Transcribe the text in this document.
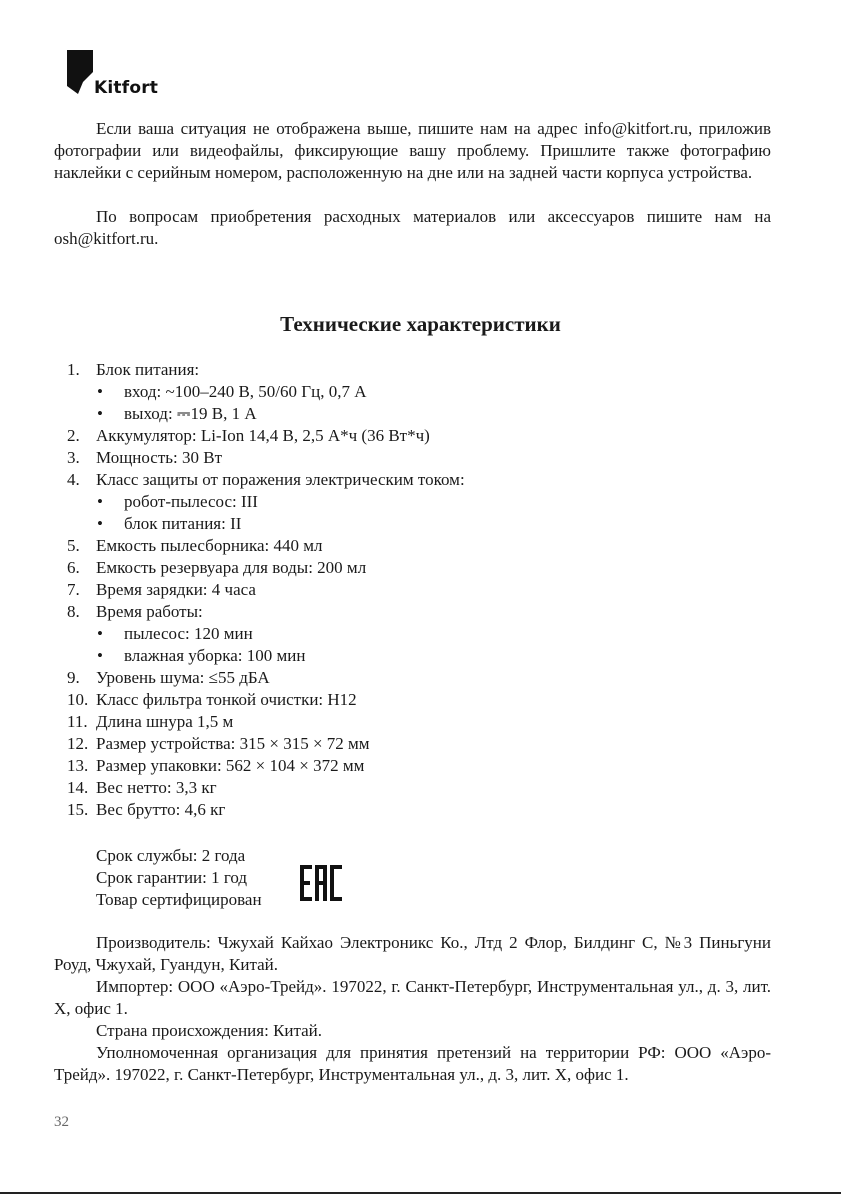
Kitfort

Если ваша ситуация не отображена выше, пишите нам на адрес info@kitfort.ru, приложив фотографии или видеофайлы, фиксирующие вашу проблему. Пришлите также фотографию наклейки с серийным номером, расположенную на дне или на задней части корпуса устройства.

По вопросам приобретения расходных материалов или аксессуаров пишите нам на osh@kitfort.ru.

Технические характеристики
1. Блок питания:
• вход: ~100–240 В, 50/60 Гц, 0,7 А
• выход: ⎓19 В, 1 А
2. Аккумулятор: Li-Ion 14,4 В, 2,5 А*ч (36 Вт*ч)
3. Мощность: 30 Вт
4. Класс защиты от поражения электрическим током:
• робот-пылесос: III
• блок питания: II
5. Емкость пылесборника: 440 мл
6. Емкость резервуара для воды: 200 мл
7. Время зарядки: 4 часа
8. Время работы:
• пылесос: 120 мин
• влажная уборка: 100 мин
9. Уровень шума: ≤55 дБА
10. Класс фильтра тонкой очистки: H12
11. Длина шнура 1,5 м
12. Размер устройства: 315 × 315 × 72 мм
13. Размер упаковки: 562 × 104 × 372 мм
14. Вес нетто: 3,3 кг
15. Вес брутто: 4,6 кг
Срок службы: 2 года
Срок гарантии: 1 год
Товар сертифицирован

Производитель: Чжухай Кайхао Электроникс Ко., Лтд 2 Флор, Билдинг С, №3 Пиньгуни Роуд, Чжухай, Гуандун, Китай.

Импортер: ООО «Аэро-Трейд». 197022, г. Санкт-Петербург, Инструментальная ул., д. 3, лит. Х, офис 1.

Страна происхождения: Китай.

Уполномоченная организация для принятия претензий на территории РФ: ООО «Аэро-Трейд». 197022, г. Санкт-Петербург, Инструментальная ул., д. 3, лит. Х, офис 1.

32
